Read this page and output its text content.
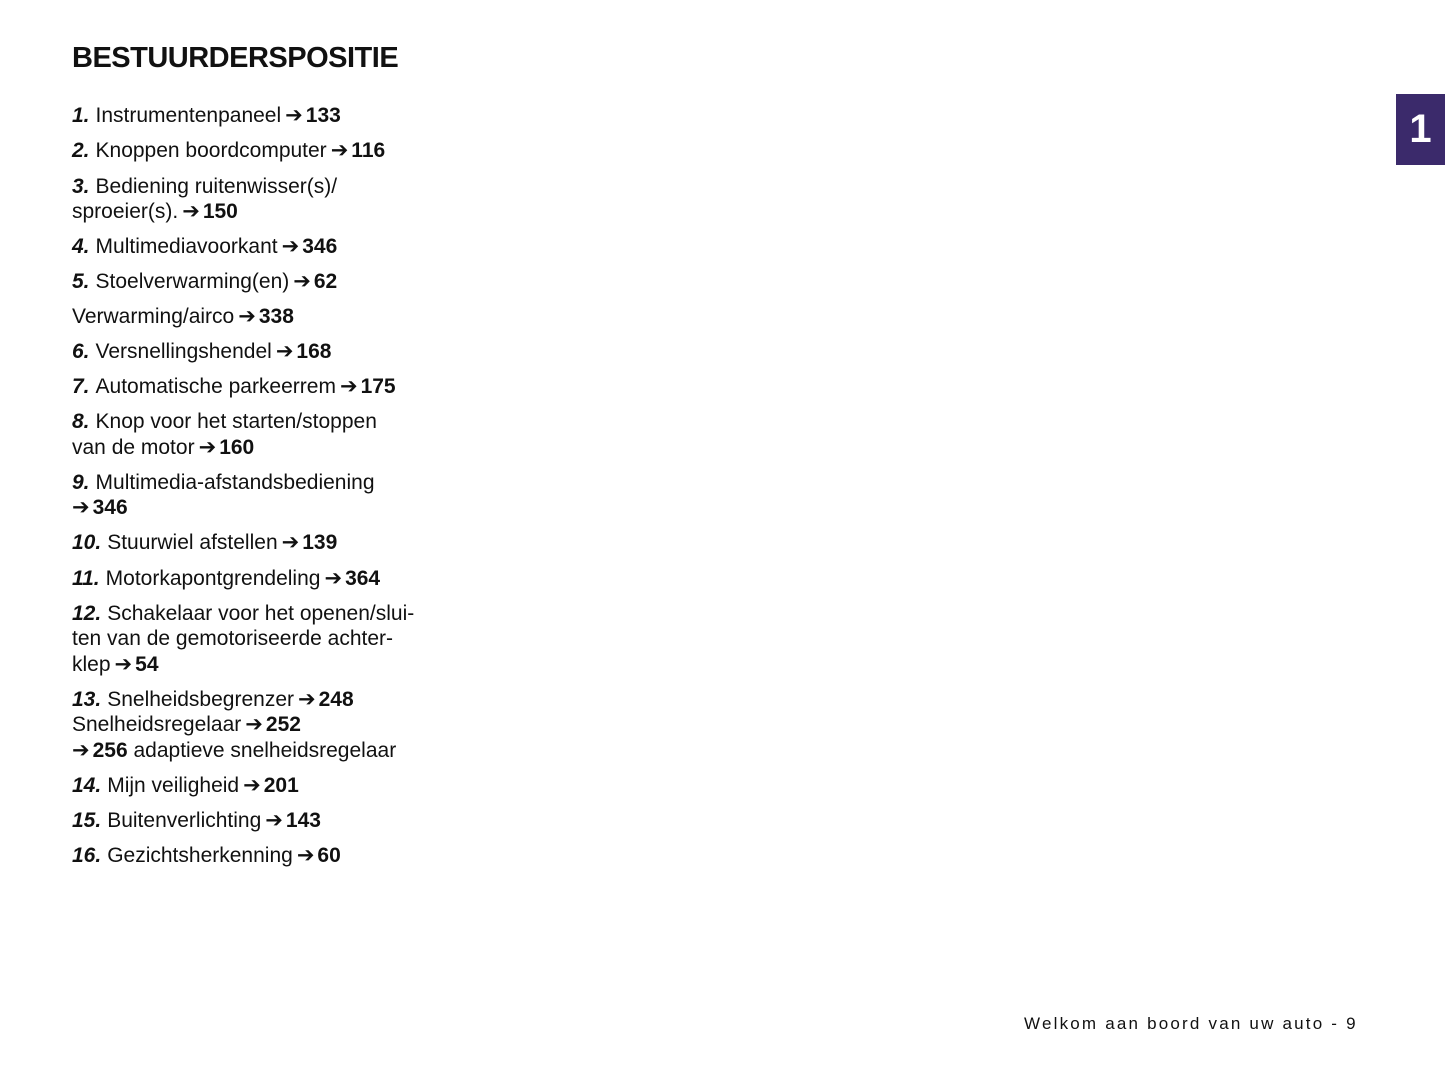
BESTUURDERSPOSITIE
1
1. Instrumentenpaneel ➔ 133
2. Knoppen boordcomputer ➔ 116
3. Bediening ruitenwisser(s)/
sproeier(s). ➔ 150
4. Multimediavoorkant ➔ 346
5. Stoelverwarming(en) ➔ 62
Verwarming/airco ➔ 338
6. Versnellingshendel ➔ 168
7. Automatische parkeerrem ➔ 175
8. Knop voor het starten/stoppen
van de motor ➔ 160
9. Multimedia-afstandsbediening
➔ 346
10. Stuurwiel afstellen ➔ 139
11. Motorkapontgrendeling ➔ 364
12. Schakelaar voor het openen/slui-
ten van de gemotoriseerde achter-
klep ➔ 54
13. Snelheidsbegrenzer ➔ 248
Snelheidsregelaar ➔ 252
➔ 256 adaptieve snelheidsregelaar
14. Mijn veiligheid ➔ 201
15. Buitenverlichting ➔ 143
16. Gezichtsherkenning ➔ 60
Welkom aan boord van uw auto - 9
